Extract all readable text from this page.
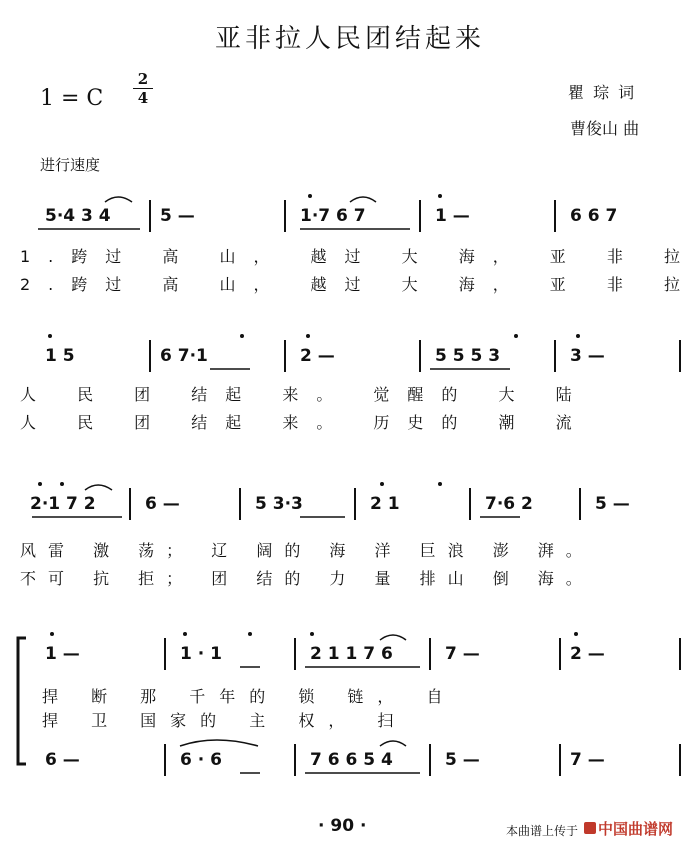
亚非拉人民团结起来
1 = C $\frac{2}{4}$	瞿 琮 词
曹俊山 曲
进行速度
5·4 3 4	5 —	1·7 6 7	1 —	6 6 7
1.跨过 高 山， 越过 大 海， 亚 非 拉
2.跨过 高 山， 越过 大 海， 亚 非 拉
1 5	6 7·1	2 —	5 5 5 3	3 —
人 民 团 结起 来。 觉醒的 大 陆
人 民 团 结起 来。 历史的 潮 流
2·1 7 2	6 —	5 3·3	2 1	7·6 2	5 —
风雷 激 荡； 辽 阔的 海 洋 巨浪 澎 湃。
不可 抗 拒； 团 结的 力 量 排山 倒 海。
1 —	1 · 1	2 1 1 7 6	7 —	2 —
捍 断 那 千年的 锁 链， 自
捍 卫 国家的 主 权， 扫
6 —	6 · 6	7 6 6 5 4	5 —	7 —
· 90 ·	本曲谱上传于 中国曲谱网
